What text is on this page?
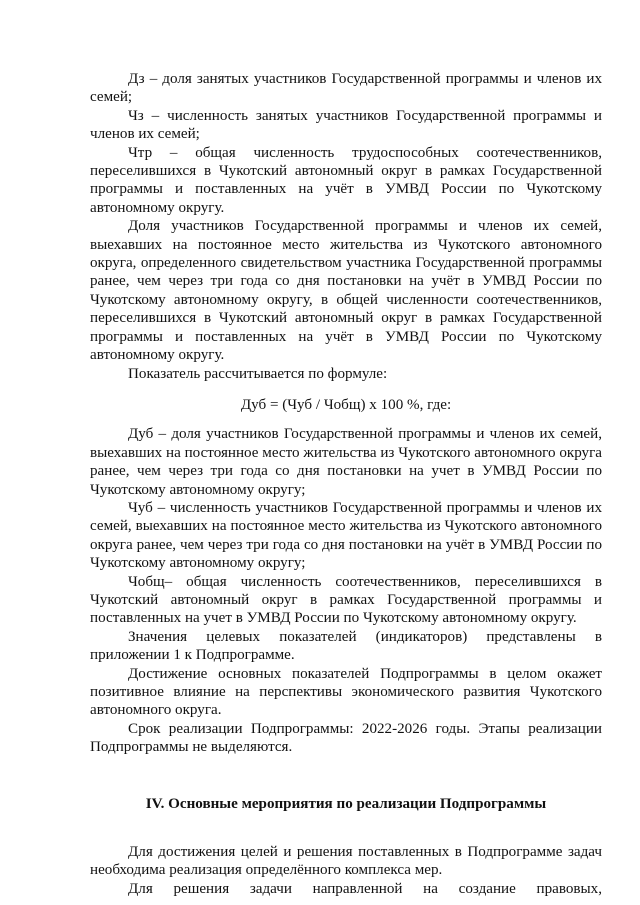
Дз – доля занятых участников Государственной программы и членов их семей;

Чз – численность занятых участников Государственной программы и членов их семей;

Чтр – общая численность трудоспособных соотечественников, переселившихся в Чукотский автономный округ в рамках Государственной программы и поставленных на учёт в УМВД России по Чукотскому автономному округу.

Доля участников Государственной программы и членов их семей, выехавших на постоянное место жительства из Чукотского автономного округа, определенного свидетельством участника Государственной программы ранее, чем через три года со дня постановки на учёт в УМВД России по Чукотскому автономному округу, в общей численности соотечественников, переселившихся в Чукотский автономный округ в рамках Государственной программы и поставленных на учёт в УМВД России по Чукотскому автономному округу.

Показатель рассчитывается по формуле:

Дуб = (Чуб / Чобщ) х 100 %, где:

Дуб – доля участников Государственной программы и членов их семей, выехавших на постоянное место жительства из Чукотского автономного округа ранее, чем через три года со дня постановки на учет в УМВД России по Чукотскому автономному округу;

Чуб – численность участников Государственной программы и членов их семей, выехавших на постоянное место жительства из Чукотского автономного округа ранее, чем через три года со дня постановки на учёт в УМВД России по Чукотскому автономному округу;

Чобщ– общая численность соотечественников, переселившихся в Чукотский автономный округ в рамках Государственной программы и поставленных на учет в УМВД России по Чукотскому автономному округу.

Значения целевых показателей (индикаторов) представлены в приложении 1 к Подпрограмме.

Достижение основных показателей Подпрограммы в целом окажет позитивное влияние на перспективы экономического развития Чукотского автономного округа.

Срок реализации Подпрограммы: 2022-2026 годы. Этапы реализации Подпрограммы не выделяются.

IV. Основные мероприятия по реализации Подпрограммы

Для достижения целей и решения поставленных в Подпрограмме задач необходима реализация определённого комплекса мер.

Для решения задачи направленной на создание правовых,
